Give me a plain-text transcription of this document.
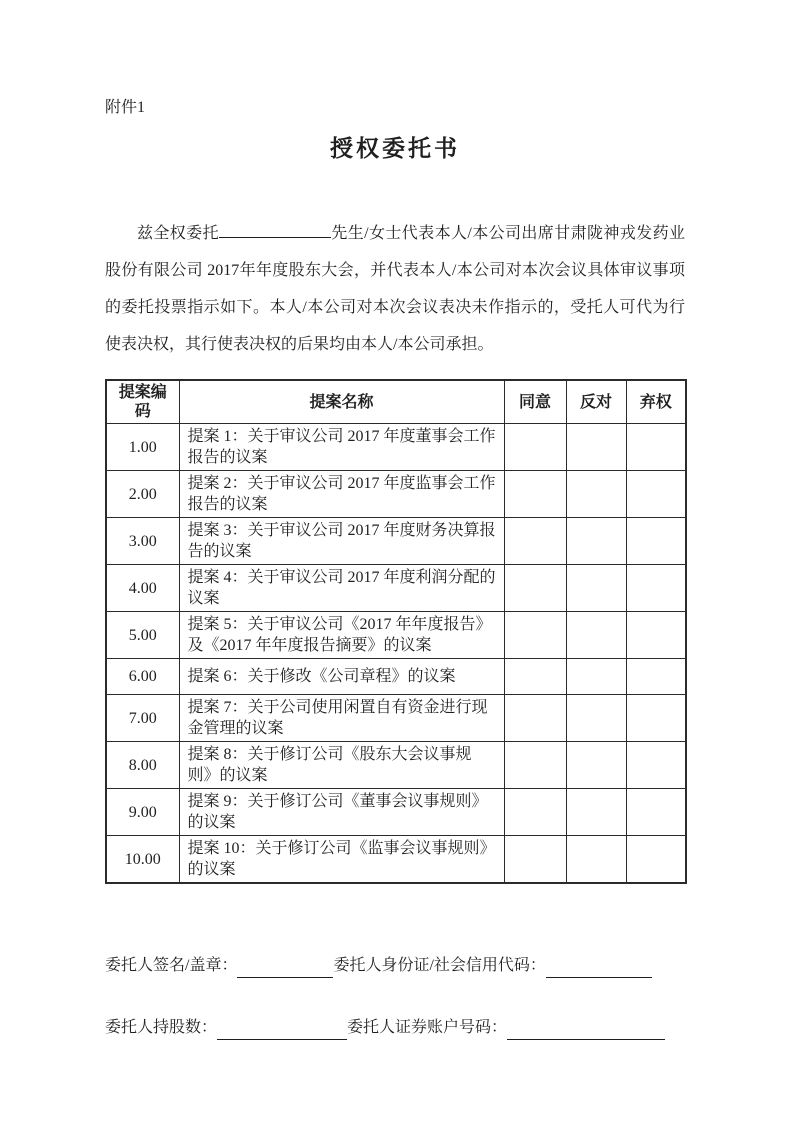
附件1
授权委托书

兹全权委托	先生/女士代表本人/本公司出席甘肃陇神戎发药业股份有限公司 2017年年度股东大会，并代表本人/本公司对本次会议具体审议事项的委托投票指示如下。本人/本公司对本次会议表决未作指示的，受托人可代为行使表决权，其行使表决权的后果均由本人/本公司承担。

提案编码	提案名称	同意	反对	弃权
1.00	提案 1：关于审议公司 2017 年度董事会工作报告的议案			
2.00	提案 2：关于审议公司 2017 年度监事会工作报告的议案			
3.00	提案 3：关于审议公司 2017 年度财务决算报告的议案			
4.00	提案 4：关于审议公司 2017 年度利润分配的议案			
5.00	提案 5：关于审议公司《2017 年年度报告》及《2017 年年度报告摘要》的议案			
6.00	提案 6：关于修改《公司章程》的议案			
7.00	提案 7：关于公司使用闲置自有资金进行现金管理的议案			
8.00	提案 8：关于修订公司《股东大会议事规则》的议案			
9.00	提案 9：关于修订公司《董事会议事规则》的议案			
10.00	提案 10：关于修订公司《监事会议事规则》的议案			
委托人签名/盖章：	委托人身份证/社会信用代码：
委托人持股数：	委托人证券账户号码：
